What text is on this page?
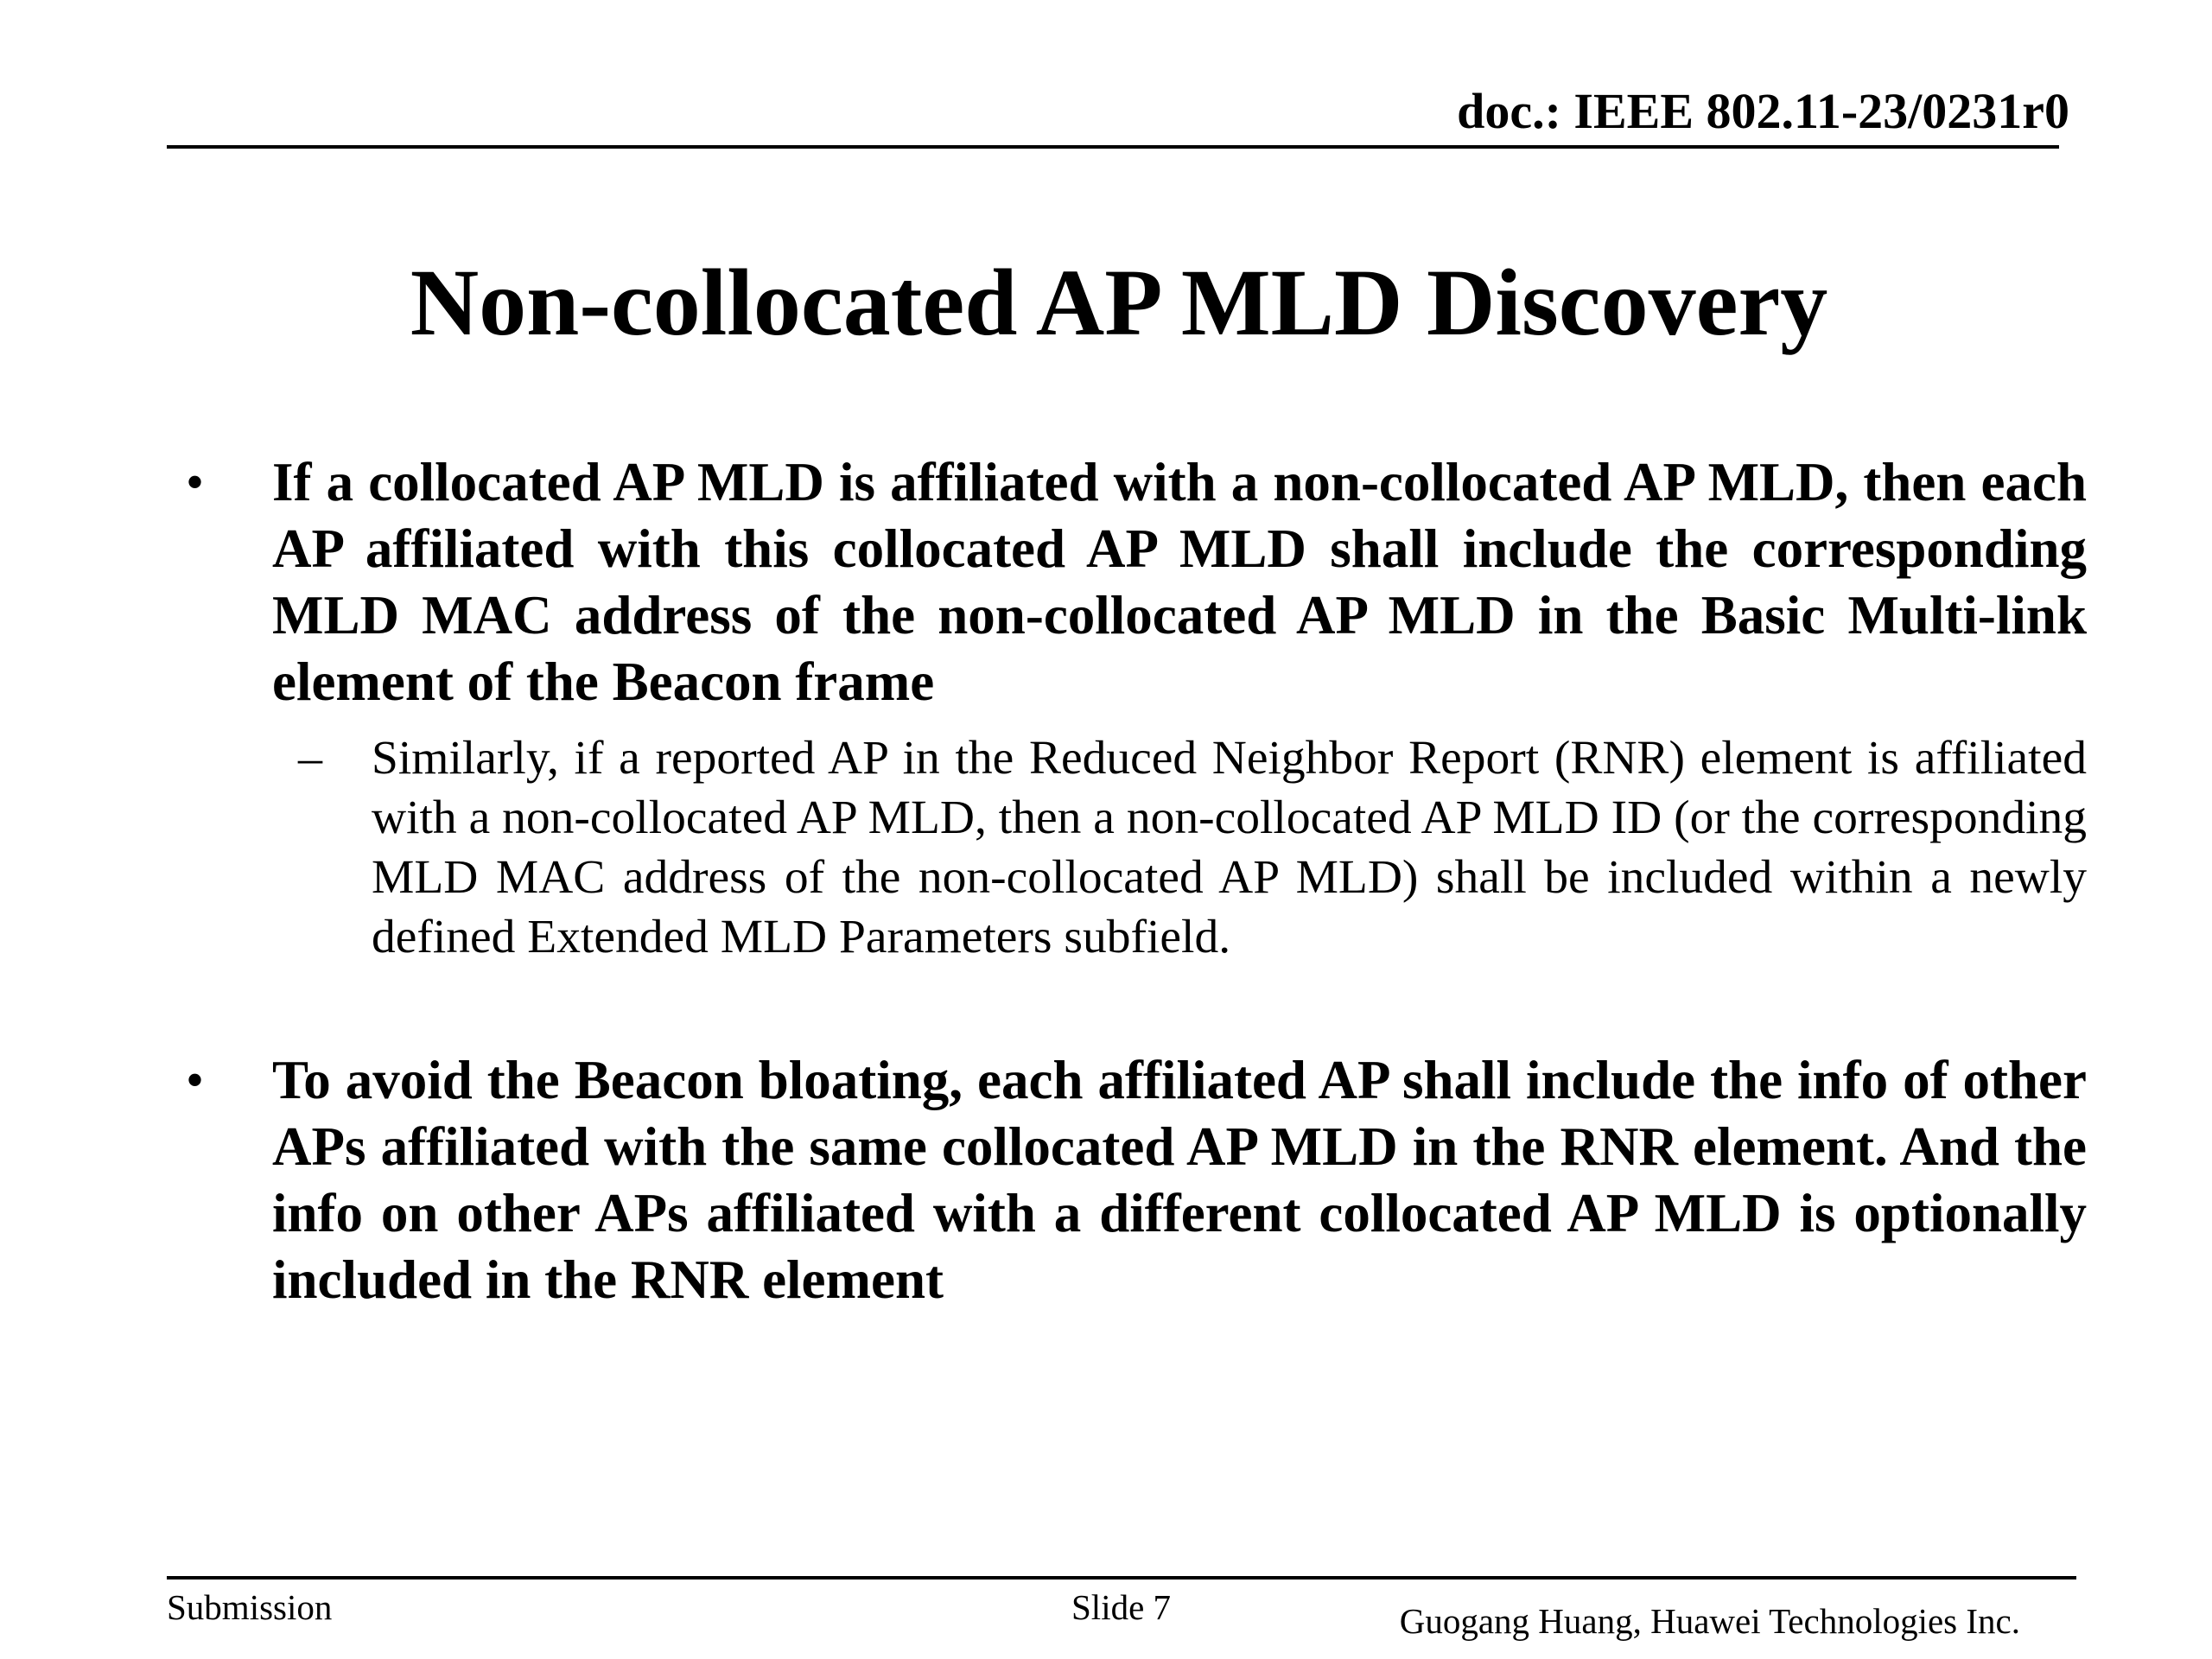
doc.: IEEE 802.11-23/0231r0
Non-collocated AP MLD Discovery
• If a collocated AP MLD is affiliated with a non-collocated AP MLD, then each AP affiliated with this collocated AP MLD shall include the corresponding MLD MAC address of the non-collocated AP MLD in the Basic Multi-link element of the Beacon frame
– Similarly, if a reported AP in the Reduced Neighbor Report (RNR) element is affiliated with a non-collocated AP MLD, then a non-collocated AP MLD ID (or the corresponding MLD MAC address of the non-collocated AP MLD) shall be included within a newly defined Extended MLD Parameters subfield.
• To avoid the Beacon bloating, each affiliated AP shall include the info of other APs affiliated with the same collocated AP MLD in the RNR element. And the info on other APs affiliated with a different collocated AP MLD is optionally included in the RNR element
Submission	Slide 7	Guogang Huang, Huawei Technologies Inc.
